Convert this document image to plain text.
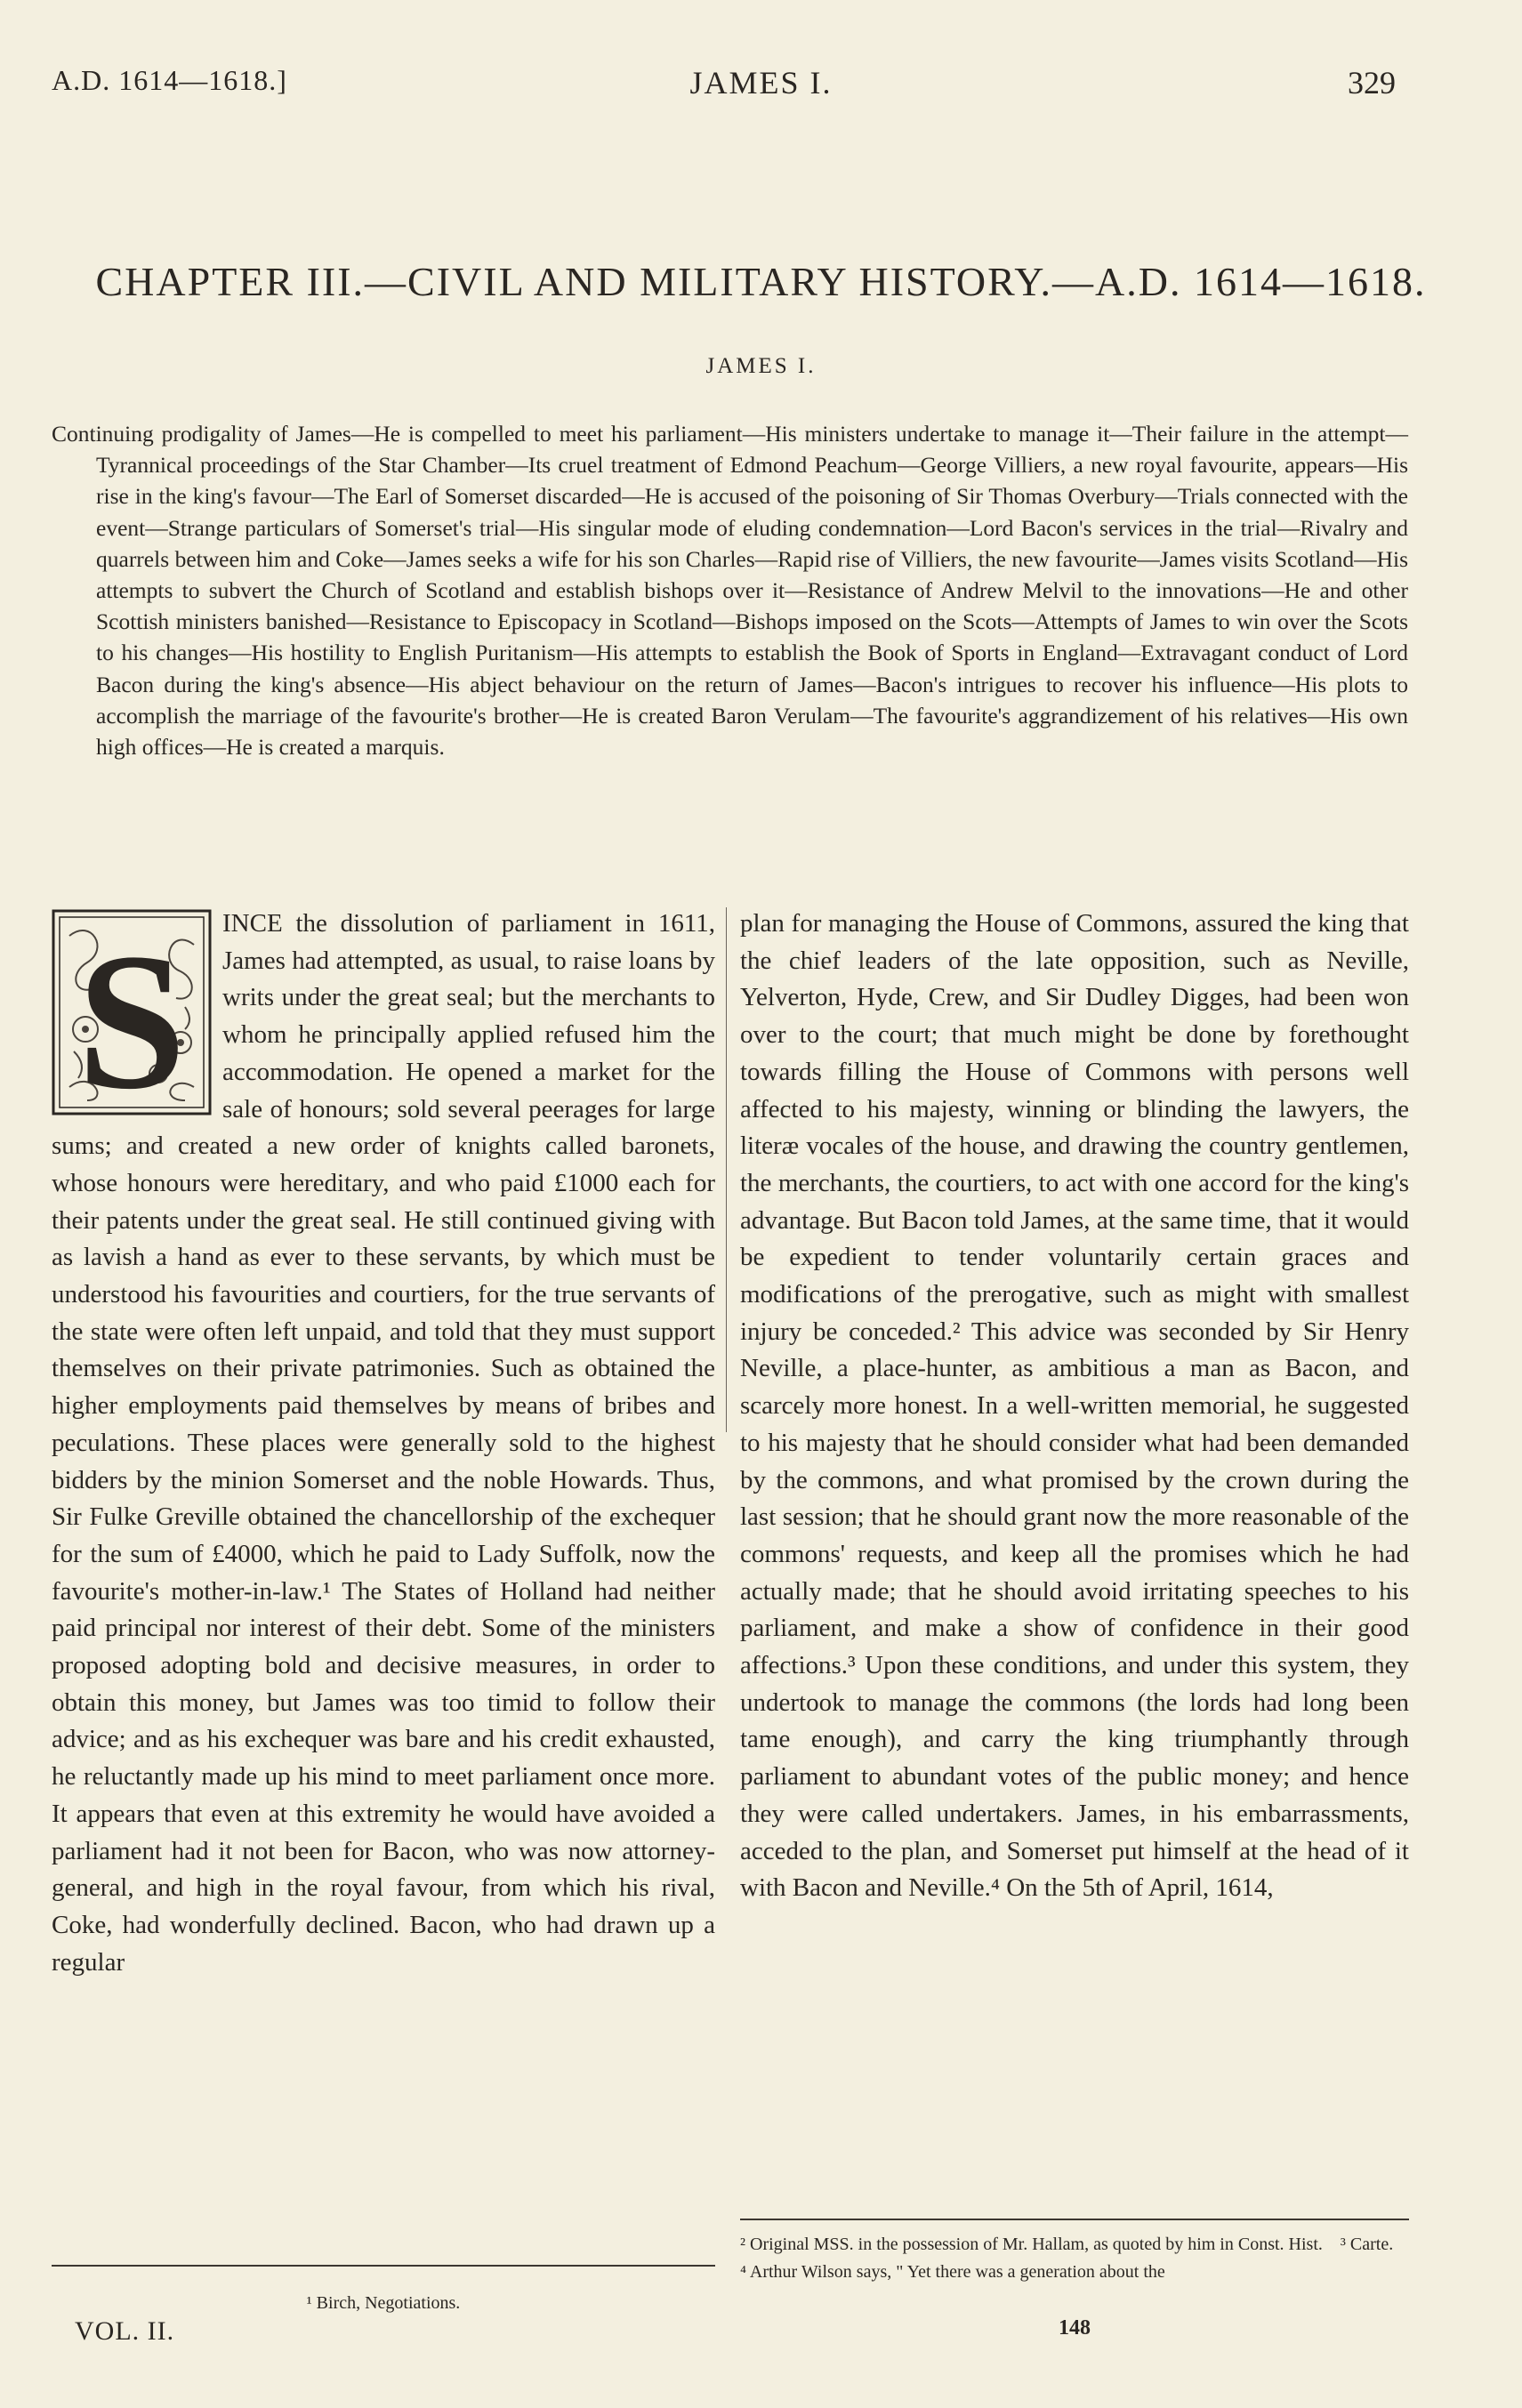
A.D. 1614—1618.]	JAMES I.	329
CHAPTER III.—CIVIL AND MILITARY HISTORY.—A.D. 1614—1618.
JAMES I.

Continuing prodigality of James—He is compelled to meet his parliament—His ministers undertake to manage it—Their failure in the attempt—Tyrannical proceedings of the Star Chamber—Its cruel treatment of Edmond Peachum—George Villiers, a new royal favourite, appears—His rise in the king's favour—The Earl of Somerset discarded—He is accused of the poisoning of Sir Thomas Overbury—Trials connected with the event—Strange particulars of Somerset's trial—His singular mode of eluding condemnation—Lord Bacon's services in the trial—Rivalry and quarrels between him and Coke—James seeks a wife for his son Charles—Rapid rise of Villiers, the new favourite—James visits Scotland—His attempts to subvert the Church of Scotland and establish bishops over it—Resistance of Andrew Melvil to the innovations—He and other Scottish ministers banished—Resistance to Episcopacy in Scotland—Bishops imposed on the Scots—Attempts of James to win over the Scots to his changes—His hostility to English Puritanism—His attempts to establish the Book of Sports in England—Extravagant conduct of Lord Bacon during the king's absence—His abject behaviour on the return of James—Bacon's intrigues to recover his influence—His plots to accomplish the marriage of the favourite's brother—He is created Baron Verulam—The favourite's aggrandizement of his relatives—His own high offices—He is created a marquis.

S	INCE the dissolution of parliament in 1611, James had attempted, as usual, to raise loans by writs under the great seal; but the merchants to whom he principally applied refused him the accommodation. He opened a market for the sale of honours; sold several peerages for large sums; and created a new order of knights called baronets, whose honours were hereditary, and who paid £1000 each for their patents under the great seal. He still continued giving with as lavish a hand as ever to these servants, by which must be understood his favourities and courtiers, for the true servants of the state were often left unpaid, and told that they must support themselves on their private patrimonies. Such as obtained the higher employments paid themselves by means of bribes and peculations. These places were generally sold to the highest bidders by the minion Somerset and the noble Howards. Thus, Sir Fulke Greville obtained the chancellorship of the exchequer for the sum of £4000, which he paid to Lady Suffolk, now the favourite's mother-in-law.¹ The States of Holland had neither paid principal nor interest of their debt. Some of the ministers proposed adopting bold and decisive measures, in order to obtain this money, but James was too timid to follow their advice; and as his exchequer was bare and his credit exhausted, he reluctantly made up his mind to meet parliament once more. It appears that even at this extremity he would have avoided a parliament had it not been for Bacon, who was now attorney-general, and high in the royal favour, from which his rival, Coke, had wonderfully declined. Bacon, who had drawn up a regular

plan for managing the House of Commons, assured the king that the chief leaders of the late opposition, such as Neville, Yelverton, Hyde, Crew, and Sir Dudley Digges, had been won over to the court; that much might be done by forethought towards filling the House of Commons with persons well affected to his majesty, winning or blinding the lawyers, the literæ vocales of the house, and drawing the country gentlemen, the merchants, the courtiers, to act with one accord for the king's advantage. But Bacon told James, at the same time, that it would be expedient to tender voluntarily certain graces and modifications of the prerogative, such as might with smallest injury be conceded.² This advice was seconded by Sir Henry Neville, a place-hunter, as ambitious a man as Bacon, and scarcely more honest. In a well-written memorial, he suggested to his majesty that he should consider what had been demanded by the commons, and what promised by the crown during the last session; that he should grant now the more reasonable of the commons' requests, and keep all the promises which he had actually made; that he should avoid irritating speeches to his parliament, and make a show of confidence in their good affections.³ Upon these conditions, and under this system, they undertook to manage the commons (the lords had long been tame enough), and carry the king triumphantly through parliament to abundant votes of the public money; and hence they were called undertakers. James, in his embarrassments, acceded to the plan, and Somerset put himself at the head of it with Bacon and Neville.⁴ On the 5th of April, 1614,

¹ Birch, Negotiations.

² Original MSS. in the possession of Mr. Hallam, as quoted by him in Const. Hist. ³ Carte.

⁴ Arthur Wilson says, " Yet there was a generation about the

VOL. II.	148
